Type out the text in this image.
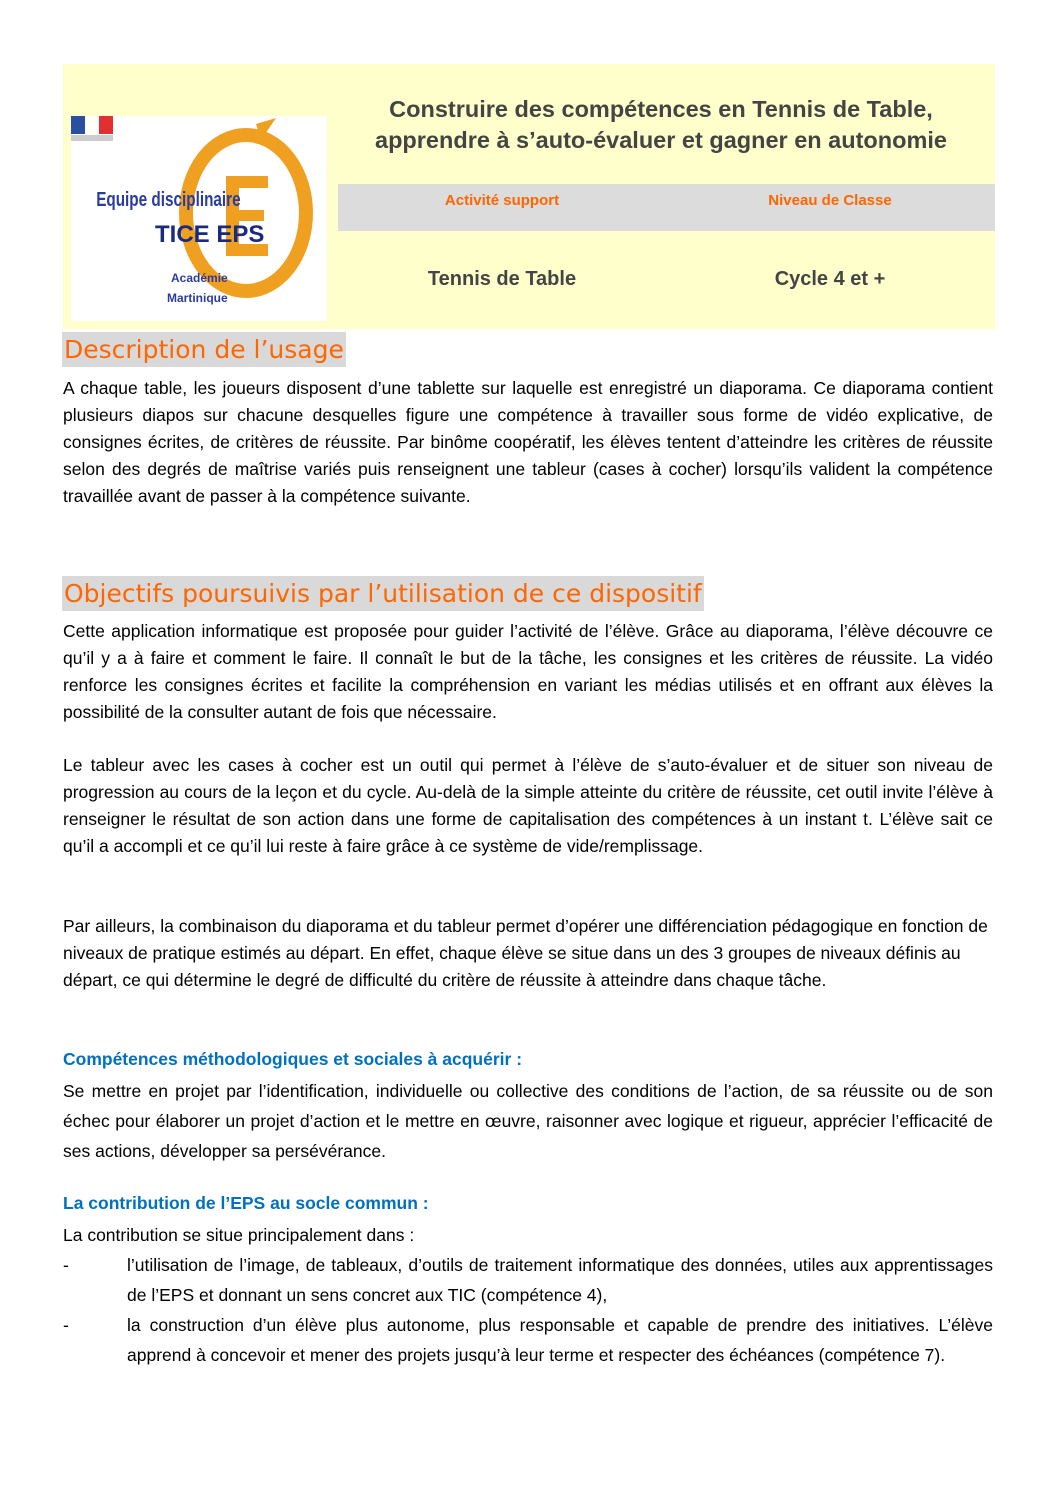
Equipe disciplinaire
TICE EPS
Académie
Martinique
Construire des compétences en Tennis de Table,
apprendre à s’auto-évaluer et gagner en autonomie
Activité support	Niveau de Classe
Tennis de Table	Cycle 4 et +
Description de l’usage
A chaque table, les joueurs disposent d’une tablette sur laquelle est enregistré un diaporama. Ce diaporama contient plusieurs diapos sur chacune desquelles figure une compétence à travailler sous forme de vidéo explicative, de consignes écrites, de critères de réussite. Par binôme coopératif, les élèves tentent d’atteindre les critères de réussite selon des degrés de maîtrise variés puis renseignent une tableur (cases à cocher) lorsqu’ils valident la compétence travaillée avant de passer à la compétence suivante.
Objectifs poursuivis par l’utilisation de ce dispositif
Cette application informatique est proposée pour guider l’activité de l’élève. Grâce au diaporama, l’élève découvre ce qu’il y a à faire et comment le faire. Il connaît le but de la tâche, les consignes et les critères de réussite. La vidéo renforce les consignes écrites et facilite la compréhension en variant les médias utilisés et en offrant aux élèves la possibilité de la consulter autant de fois que nécessaire.
Le tableur avec les cases à cocher est un outil qui permet à l’élève de s’auto-évaluer et de situer son niveau de progression au cours de la leçon et du cycle. Au-delà de la simple atteinte du critère de réussite, cet outil invite l’élève à renseigner le résultat de son action dans une forme de capitalisation des compétences à un instant t. L’élève sait ce qu’il a accompli et ce qu’il lui reste à faire grâce à ce système de vide/remplissage.
Par ailleurs, la combinaison du diaporama et du tableur permet d’opérer une différenciation pédagogique en fonction de niveaux de pratique estimés au départ. En effet, chaque élève se situe dans un des 3 groupes de niveaux définis au départ, ce qui détermine le degré de difficulté du critère de réussite à atteindre dans chaque tâche.
Compétences méthodologiques et sociales à acquérir :
Se mettre en projet par l’identification, individuelle ou collective des conditions de l’action, de sa réussite ou de son échec pour élaborer un projet d’action et le mettre en œuvre, raisonner avec logique et rigueur, apprécier l’efficacité de ses actions, développer sa persévérance.
La contribution de l’EPS au socle commun :
La contribution se situe principalement dans :
-	l’utilisation de l’image, de tableaux, d’outils de traitement informatique des données, utiles aux apprentissages de l’EPS et donnant un sens concret aux TIC (compétence 4),
-	la construction d’un élève plus autonome, plus responsable et capable de prendre des initiatives. L’élève apprend à concevoir et mener des projets jusqu’à leur terme et respecter des échéances (compétence 7).
